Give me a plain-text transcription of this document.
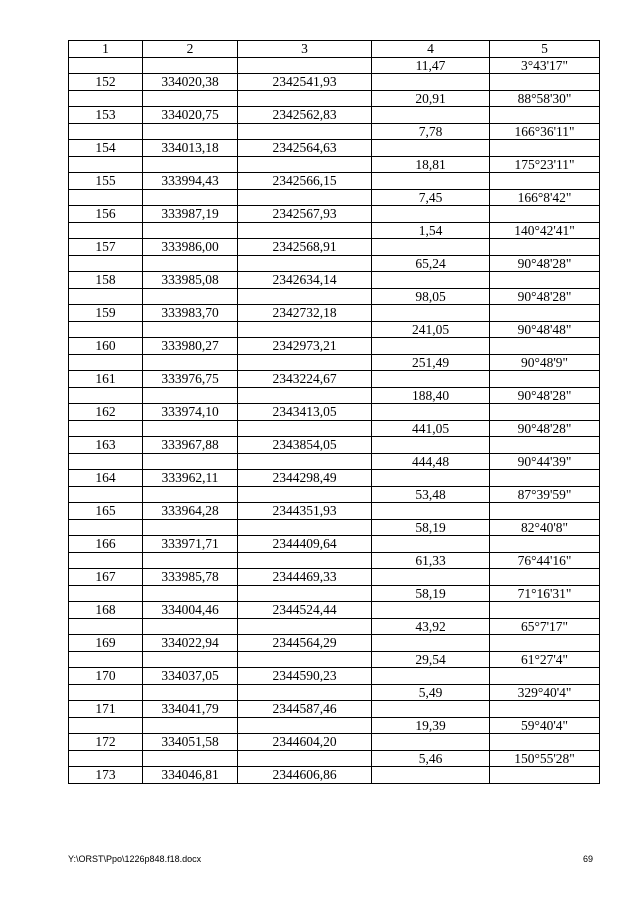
1	2	3	4	5
			11,47	3°43'17"
152	334020,38	2342541,93		
			20,91	88°58'30"
153	334020,75	2342562,83		
			7,78	166°36'11"
154	334013,18	2342564,63		
			18,81	175°23'11"
155	333994,43	2342566,15		
			7,45	166°8'42"
156	333987,19	2342567,93		
			1,54	140°42'41"
157	333986,00	2342568,91		
			65,24	90°48'28"
158	333985,08	2342634,14		
			98,05	90°48'28"
159	333983,70	2342732,18		
			241,05	90°48'48"
160	333980,27	2342973,21		
			251,49	90°48'9"
161	333976,75	2343224,67		
			188,40	90°48'28"
162	333974,10	2343413,05		
			441,05	90°48'28"
163	333967,88	2343854,05		
			444,48	90°44'39"
164	333962,11	2344298,49		
			53,48	87°39'59"
165	333964,28	2344351,93		
			58,19	82°40'8"
166	333971,71	2344409,64		
			61,33	76°44'16"
167	333985,78	2344469,33		
			58,19	71°16'31"
168	334004,46	2344524,44		
			43,92	65°7'17"
169	334022,94	2344564,29		
			29,54	61°27'4"
170	334037,05	2344590,23		
			5,49	329°40'4"
171	334041,79	2344587,46		
			19,39	59°40'4"
172	334051,58	2344604,20		
			5,46	150°55'28"
173	334046,81	2344606,86		
Y:\ORST\Ppo\1226p848.f18.docx	69
